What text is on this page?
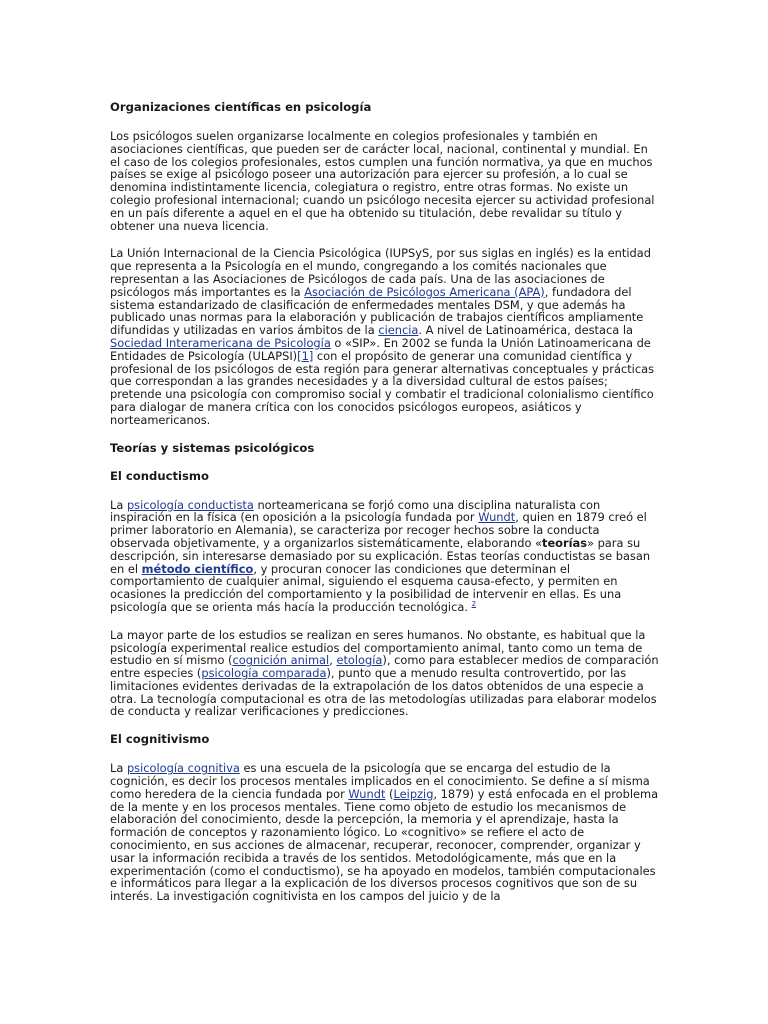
Organizaciones científicas en psicología

Los psicólogos suelen organizarse localmente en colegios profesionales y también en asociaciones científicas, que pueden ser de carácter local, nacional, continental y mundial. En el caso de los colegios profesionales, estos cumplen una función normativa, ya que en muchos países se exige al psicólogo poseer una autorización para ejercer su profesión, a lo cual se denomina indistintamente licencia, colegiatura o registro, entre otras formas. No existe un colegio profesional internacional; cuando un psicólogo necesita ejercer su actividad profesional en un país diferente a aquel en el que ha obtenido su titulación, debe revalidar su título y obtener una nueva licencia.

La Unión Internacional de la Ciencia Psicológica (IUPSyS, por sus siglas en inglés) es la entidad que representa a la Psicología en el mundo, congregando a los comités nacionales que representan a las Asociaciones de Psicólogos de cada país. Una de las asociaciones de psicólogos más importantes es la Asociación de Psicólogos Americana (APA), fundadora del sistema estandarizado de clasificación de enfermedades mentales DSM, y que además ha publicado unas normas para la elaboración y publicación de trabajos científicos ampliamente difundidas y utilizadas en varios ámbitos de la ciencia. A nivel de Latinoamérica, destaca la Sociedad Interamericana de Psicología o «SIP». En 2002 se funda la Unión Latinoamericana de Entidades de Psicología (ULAPSI)[1] con el propósito de generar una comunidad científica y profesional de los psicólogos de esta región para generar alternativas conceptuales y prácticas que correspondan a las grandes necesidades y a la diversidad cultural de estos países; pretende una psicología con compromiso social y combatir el tradicional colonialismo científico para dialogar de manera crítica con los conocidos psicólogos europeos, asiáticos y norteamericanos.

Teorías y sistemas psicológicos
El conductismo

La psicología conductista norteamericana se forjó como una disciplina naturalista con inspiración en la física (en oposición a la psicología fundada por Wundt, quien en 1879 creó el primer laboratorio en Alemania), se caracteriza por recoger hechos sobre la conducta observada objetivamente, y a organizarlos sistemáticamente, elaborando «teorías» para su descripción, sin interesarse demasiado por su explicación. Estas teorías conductistas se basan en el método científico, y procuran conocer las condiciones que determinan el comportamiento de cualquier animal, siguiendo el esquema causa-efecto, y permiten en ocasiones la predicción del comportamiento y la posibilidad de intervenir en ellas. Es una psicología que se orienta más hacía la producción tecnológica. $^2$

La mayor parte de los estudios se realizan en seres humanos. No obstante, es habitual que la psicología experimental realice estudios del comportamiento animal, tanto como un tema de estudio en sí mismo (cognición animal, etología), como para establecer medios de comparación entre especies (psicología comparada), punto que a menudo resulta controvertido, por las limitaciones evidentes derivadas de la extrapolación de los datos obtenidos de una especie a otra. La tecnología computacional es otra de las metodologías utilizadas para elaborar modelos de conducta y realizar verificaciones y predicciones.

El cognitivismo

La psicología cognitiva es una escuela de la psicología que se encarga del estudio de la cognición, es decir los procesos mentales implicados en el conocimiento. Se define a sí misma como heredera de la ciencia fundada por Wundt (Leipzig, 1879) y está enfocada en el problema de la mente y en los procesos mentales. Tiene como objeto de estudio los mecanismos de elaboración del conocimiento, desde la percepción, la memoria y el aprendizaje, hasta la formación de conceptos y razonamiento lógico. Lo «cognitivo» se refiere el acto de conocimiento, en sus acciones de almacenar, recuperar, reconocer, comprender, organizar y usar la información recibida a través de los sentidos. Metodológicamente, más que en la experimentación (como el conductismo), se ha apoyado en modelos, también computacionales e informáticos para llegar a la explicación de los diversos procesos cognitivos que son de su interés. La investigación cognitivista en los campos del juicio y de la
